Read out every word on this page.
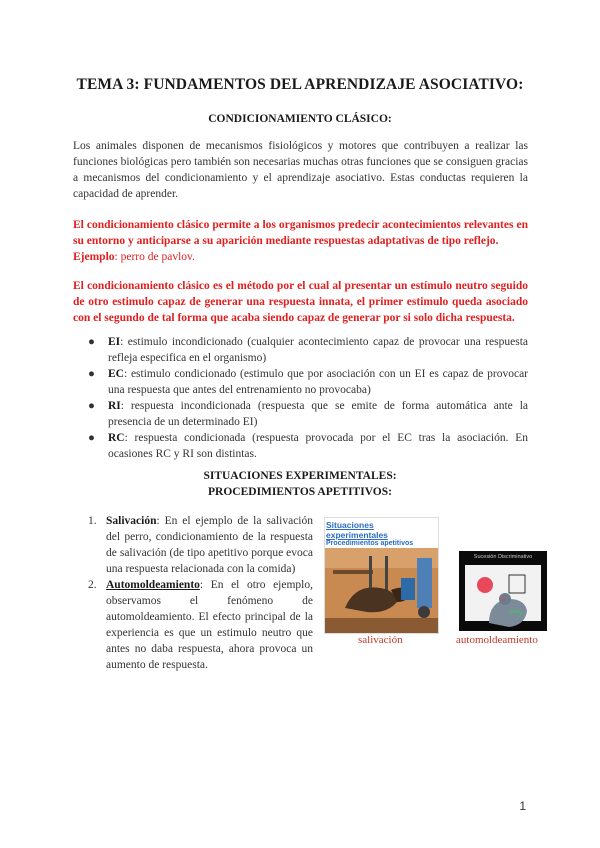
TEMA 3: FUNDAMENTOS DEL APRENDIZAJE ASOCIATIVO:
CONDICIONAMIENTO CLÁSICO:

Los animales disponen de mecanismos fisiológicos y motores que contribuyen a realizar las funciones biológicas pero también son necesarias muchas otras funciones que se consiguen gracias a mecanismos del condicionamiento y el aprendizaje asociativo. Estas conductas requieren la capacidad de aprender.

El condicionamiento clásico permite a los organismos predecir acontecimientos relevantes en su entorno y anticiparse a su aparición mediante respuestas adaptativas de tipo reflejo.
Ejemplo: perro de pavlov.

El condicionamiento clásico es el método por el cual al presentar un estímulo neutro seguido de otro estimulo capaz de generar una respuesta innata, el primer estimulo queda asociado con el segundo de tal forma que acaba siendo capaz de generar por si solo dicha respuesta.

● EI: estimulo incondicionado (cualquier acontecimiento capaz de provocar una respuesta refleja especifica en el organismo)
● EC: estimulo condicionado (estimulo que por asociación con un EI es capaz de provocar una respuesta que antes del entrenamiento no provocaba)
● RI: respuesta incondicionada (respuesta que se emite de forma automática ante la presencia de un determinado EI)
● RC: respuesta condicionada (respuesta provocada por el EC tras la asociación. En ocasiones RC y RI son distintas.
SITUACIONES EXPERIMENTALES:
PROCEDIMIENTOS APETITIVOS:
1. Salivación: En el ejemplo de la salivación del perro, condicionamiento de la respuesta de salivación (de tipo apetitivo porque evoca una respuesta relacionada con la comida)
2. Automoldeamiento: En el otro ejemplo, observamos el fenómeno de automoldeamiento. El efecto principal de la experiencia es que un estimulo neutro que antes no daba respuesta, ahora provoca un aumento de respuesta.
Situaciones experimentales
Procedimientos apetitivos
Sucesión Discriminativo
salivación	automoldeamiento
1
